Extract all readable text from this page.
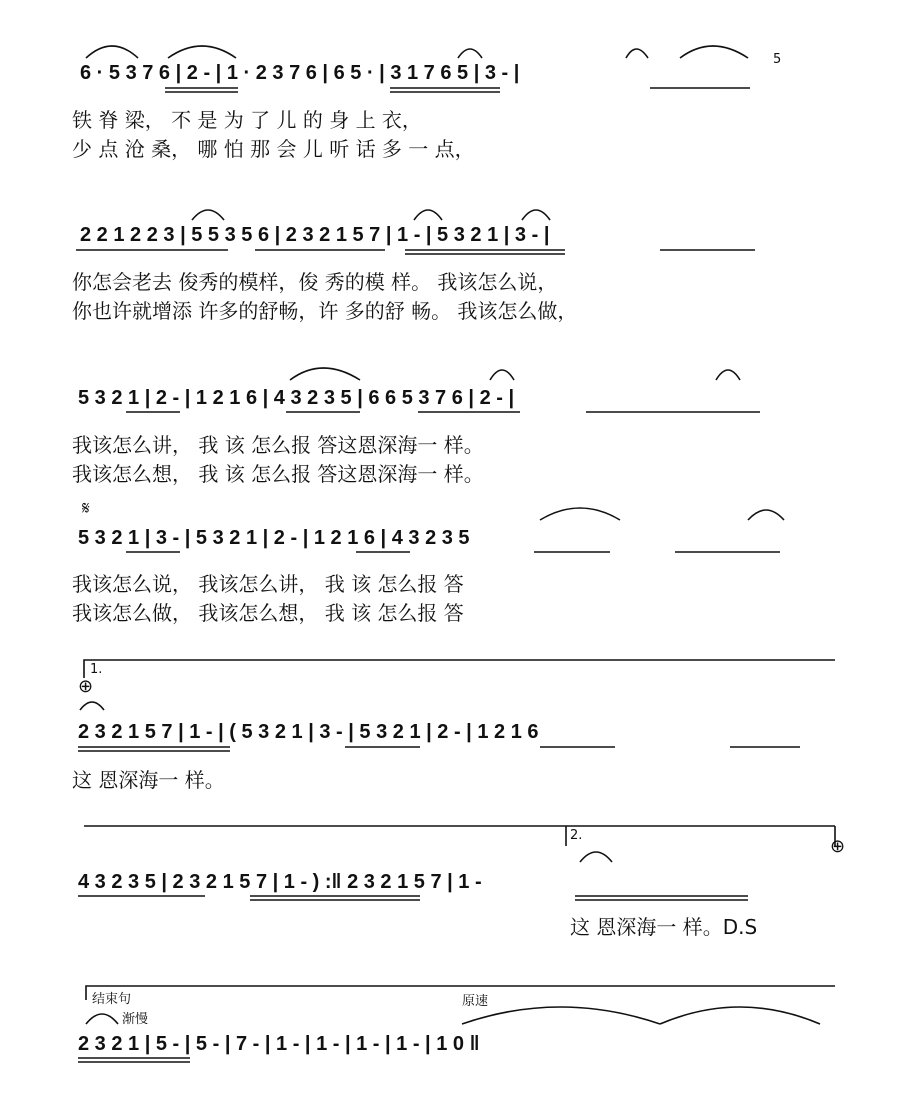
6 · 5 3 7 6 | 2 - | 1 · 2 3 7 6 | 6 5 · | 3 1 7 6 5 | 3 - |
5
铁 脊 梁， 不 是 为 了 儿 的 身 上 衣，
少 点 沧 桑， 哪 怕 那 会 儿 听 话 多 一 点，
2 2 1 2 2 3 | 5 5 3 5 6 | 2 3 2 1 5 7 | 1 - | 5 3 2 1 | 3 - |
你怎会老去 俊秀的模样，俊 秀的模 样。 我该怎么说，
你也许就增添 许多的舒畅，许 多的舒 畅。 我该怎么做，
5 3 2 1 | 2 - | 1 2 1 6 | 4 3 2 3 5 | 6 6 5 3 7 6 | 2 - |
我该怎么讲， 我 该 怎么报 答这恩深海一 样。
我该怎么想， 我 该 怎么报 答这恩深海一 样。
𝄋
5 3 2 1 | 3 - | 5 3 2 1 | 2 - | 1 2 1 6 | 4 3 2 3 5
我该怎么说， 我该怎么讲， 我 该 怎么报 答
我该怎么做， 我该怎么想， 我 该 怎么报 答
1.
⊕
2 3 2 1 5 7 | 1 - | ( 5 3 2 1 | 3 - | 5 3 2 1 | 2 - | 1 2 1 6
这 恩深海一 样。
2.
⊕
4 3 2 3 5 | 2 3 2 1 5 7 | 1 - ) :‖ 2 3 2 1 5 7 | 1 -
这 恩深海一 样。D.S
结束句
渐慢
原速
2 3 2 1 | 5 - | 5 - | 7 - | 1 - | 1 - | 1 - | 1 - | 1 0 ‖
